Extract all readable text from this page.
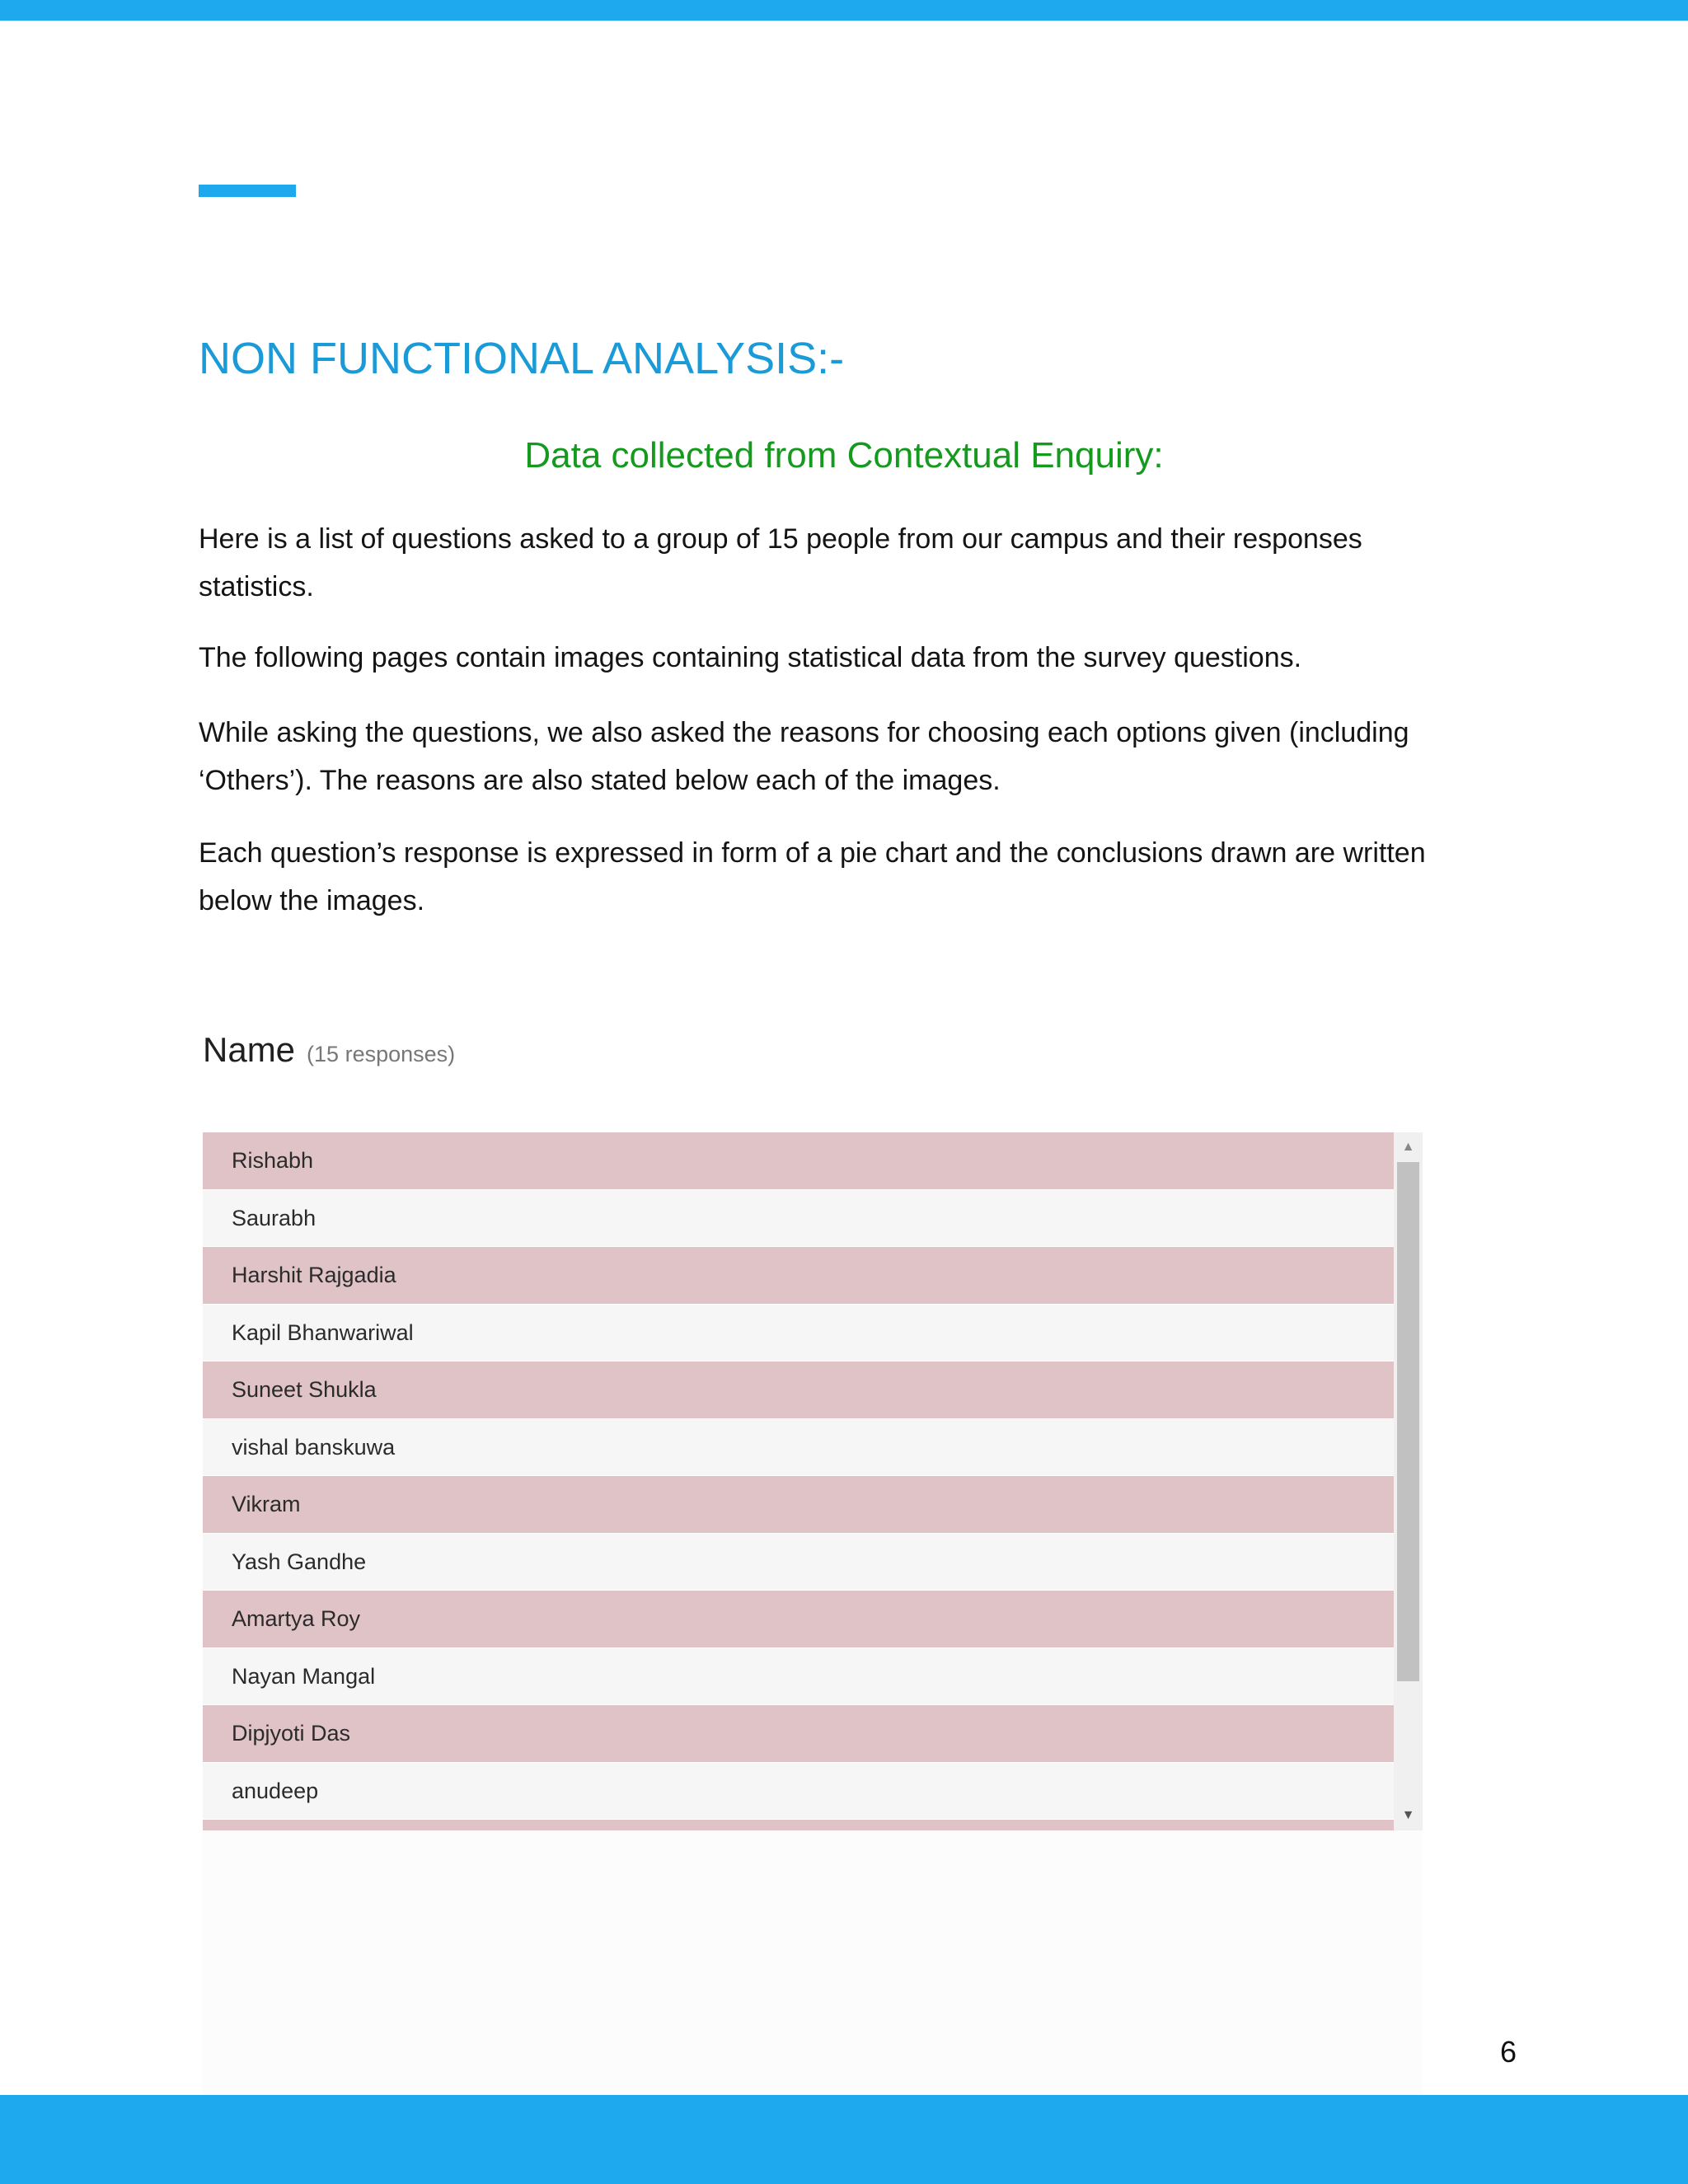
NON FUNCTIONAL ANALYSIS:-
Data collected from Contextual Enquiry:

Here is a list of questions asked to a group of 15 people from our campus and their responses statistics.

The following pages contain images containing statistical data from the survey questions.

While asking the questions, we also asked the reasons for choosing each options given (including ‘Others’). The reasons are also stated below each of the images.

Each question’s response is expressed in form of a pie chart and the conclusions drawn are written below the images.

Name (15 responses)
Rishabh
Saurabh
Harshit Rajgadia
Kapil Bhanwariwal
Suneet Shukla
vishal banskuwa
Vikram
Yash Gandhe
Amartya Roy
Nayan Mangal
Dipjyoti Das
anudeep
▲
▼
6
